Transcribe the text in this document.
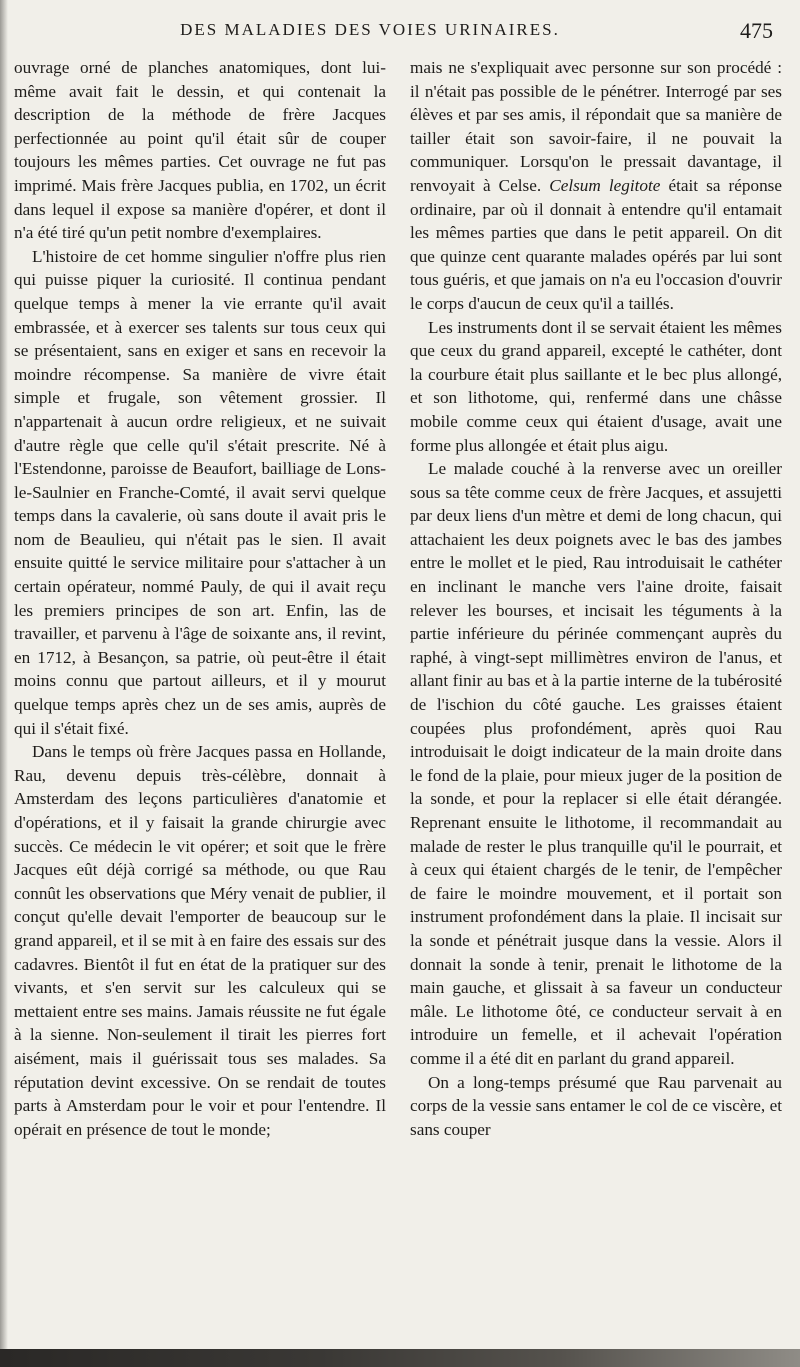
DES MALADIES DES VOIES URINAIRES.	475

ouvrage orné de planches anatomiques, dont lui-même avait fait le dessin, et qui contenait la description de la méthode de frère Jacques perfectionnée au point qu'il était sûr de couper toujours les mêmes parties. Cet ouvrage ne fut pas imprimé. Mais frère Jacques publia, en 1702, un écrit dans lequel il expose sa manière d'opérer, et dont il n'a été tiré qu'un petit nombre d'exemplaires.

L'histoire de cet homme singulier n'offre plus rien qui puisse piquer la curiosité. Il continua pendant quelque temps à mener la vie errante qu'il avait embrassée, et à exercer ses talents sur tous ceux qui se présentaient, sans en exiger et sans en recevoir la moindre récompense. Sa manière de vivre était simple et frugale, son vêtement grossier. Il n'appartenait à aucun ordre religieux, et ne suivait d'autre règle que celle qu'il s'était prescrite. Né à l'Estendonne, paroisse de Beaufort, bailliage de Lons-le-Saulnier en Franche-Comté, il avait servi quelque temps dans la cavalerie, où sans doute il avait pris le nom de Beaulieu, qui n'était pas le sien. Il avait ensuite quitté le service militaire pour s'attacher à un certain opérateur, nommé Pauly, de qui il avait reçu les premiers principes de son art. Enfin, las de travailler, et parvenu à l'âge de soixante ans, il revint, en 1712, à Besançon, sa patrie, où peut-être il était moins connu que partout ailleurs, et il y mourut quelque temps après chez un de ses amis, auprès de qui il s'était fixé.

Dans le temps où frère Jacques passa en Hollande, Rau, devenu depuis très-célèbre, donnait à Amsterdam des leçons particulières d'anatomie et d'opérations, et il y faisait la grande chirurgie avec succès. Ce médecin le vit opérer; et soit que le frère Jacques eût déjà corrigé sa méthode, ou que Rau connût les observations que Méry venait de publier, il conçut qu'elle devait l'emporter de beaucoup sur le grand appareil, et il se mit à en faire des essais sur des cadavres. Bientôt il fut en état de la pratiquer sur des vivants, et s'en servit sur les calculeux qui se mettaient entre ses mains. Jamais réussite ne fut égale à la sienne. Non-seulement il tirait les pierres fort aisément, mais il guérissait tous ses malades. Sa réputation devint excessive. On se rendait de toutes parts à Amsterdam pour le voir et pour l'entendre. Il opérait en présence de tout le monde;

mais ne s'expliquait avec personne sur son procédé : il n'était pas possible de le pénétrer. Interrogé par ses élèves et par ses amis, il répondait que sa manière de tailler était son savoir-faire, il ne pouvait la communiquer. Lorsqu'on le pressait davantage, il renvoyait à Celse. Celsum legitote était sa réponse ordinaire, par où il donnait à entendre qu'il entamait les mêmes parties que dans le petit appareil. On dit que quinze cent quarante malades opérés par lui sont tous guéris, et que jamais on n'a eu l'occasion d'ouvrir le corps d'aucun de ceux qu'il a taillés.

Les instruments dont il se servait étaient les mêmes que ceux du grand appareil, excepté le cathéter, dont la courbure était plus saillante et le bec plus allongé, et son lithotome, qui, renfermé dans une châsse mobile comme ceux qui étaient d'usage, avait une forme plus allongée et était plus aigu.

Le malade couché à la renverse avec un oreiller sous sa tête comme ceux de frère Jacques, et assujetti par deux liens d'un mètre et demi de long chacun, qui attachaient les deux poignets avec le bas des jambes entre le mollet et le pied, Rau introduisait le cathéter en inclinant le manche vers l'aine droite, faisait relever les bourses, et incisait les téguments à la partie inférieure du périnée commençant auprès du raphé, à vingt-sept millimètres environ de l'anus, et allant finir au bas et à la partie interne de la tubérosité de l'ischion du côté gauche. Les graisses étaient coupées plus profondément, après quoi Rau introduisait le doigt indicateur de la main droite dans le fond de la plaie, pour mieux juger de la position de la sonde, et pour la replacer si elle était dérangée. Reprenant ensuite le lithotome, il recommandait au malade de rester le plus tranquille qu'il le pourrait, et à ceux qui étaient chargés de le tenir, de l'empêcher de faire le moindre mouvement, et il portait son instrument profondément dans la plaie. Il incisait sur la sonde et pénétrait jusque dans la vessie. Alors il donnait la sonde à tenir, prenait le lithotome de la main gauche, et glissait à sa faveur un conducteur mâle. Le lithotome ôté, ce conducteur servait à en introduire un femelle, et il achevait l'opération comme il a été dit en parlant du grand appareil.

On a long-temps présumé que Rau parvenait au corps de la vessie sans entamer le col de ce viscère, et sans couper
